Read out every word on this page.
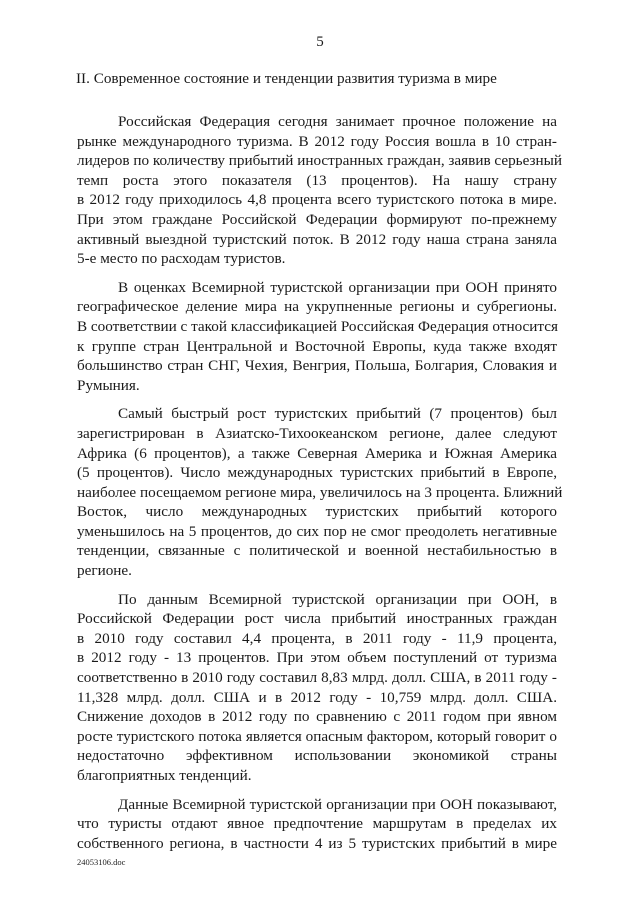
5
II. Современное состояние и тенденции развития туризма в мире
Российская Федерация сегодня занимает прочное положение на
рынке международного туризма. В 2012 году Россия вошла в 10 стран-
лидеров по количеству прибытий иностранных граждан, заявив серьезный
темп роста этого показателя (13 процентов). На нашу страну
в 2012 году приходилось 4,8 процента всего туристского потока в мире.
При этом граждане Российской Федерации формируют по-прежнему
активный выездной туристский поток. В 2012 году наша страна заняла
5-е место по расходам туристов.
В оценках Всемирной туристской организации при ООН принято
географическое деление мира на укрупненные регионы и субрегионы.
В соответствии с такой классификацией Российская Федерация относится
к группе стран Центральной и Восточной Европы, куда также входят
большинство стран СНГ, Чехия, Венгрия, Польша, Болгария, Словакия и
Румыния.
Самый быстрый рост туристских прибытий (7 процентов) был
зарегистрирован в Азиатско-Тихоокеанском регионе, далее следуют
Африка (6 процентов), а также Северная Америка и Южная Америка
(5 процентов). Число международных туристских прибытий в Европе,
наиболее посещаемом регионе мира, увеличилось на 3 процента. Ближний
Восток, число международных туристских прибытий которого
уменьшилось на 5 процентов, до сих пор не смог преодолеть негативные
тенденции, связанные с политической и военной нестабильностью в
регионе.
По данным Всемирной туристской организации при ООН, в
Российской Федерации рост числа прибытий иностранных граждан
в 2010 году составил 4,4 процента, в 2011 году - 11,9 процента,
в 2012 году - 13 процентов. При этом объем поступлений от туризма
соответственно в 2010 году составил 8,83 млрд. долл. США, в 2011 году -
11,328 млрд. долл. США и в 2012 году - 10,759 млрд. долл. США.
Снижение доходов в 2012 году по сравнению с 2011 годом при явном
росте туристского потока является опасным фактором, который говорит о
недостаточно эффективном использовании экономикой страны
благоприятных тенденций.
Данные Всемирной туристской организации при ООН показывают,
что туристы отдают явное предпочтение маршрутам в пределах их
собственного региона, в частности 4 из 5 туристских прибытий в мире
24053106.doc
